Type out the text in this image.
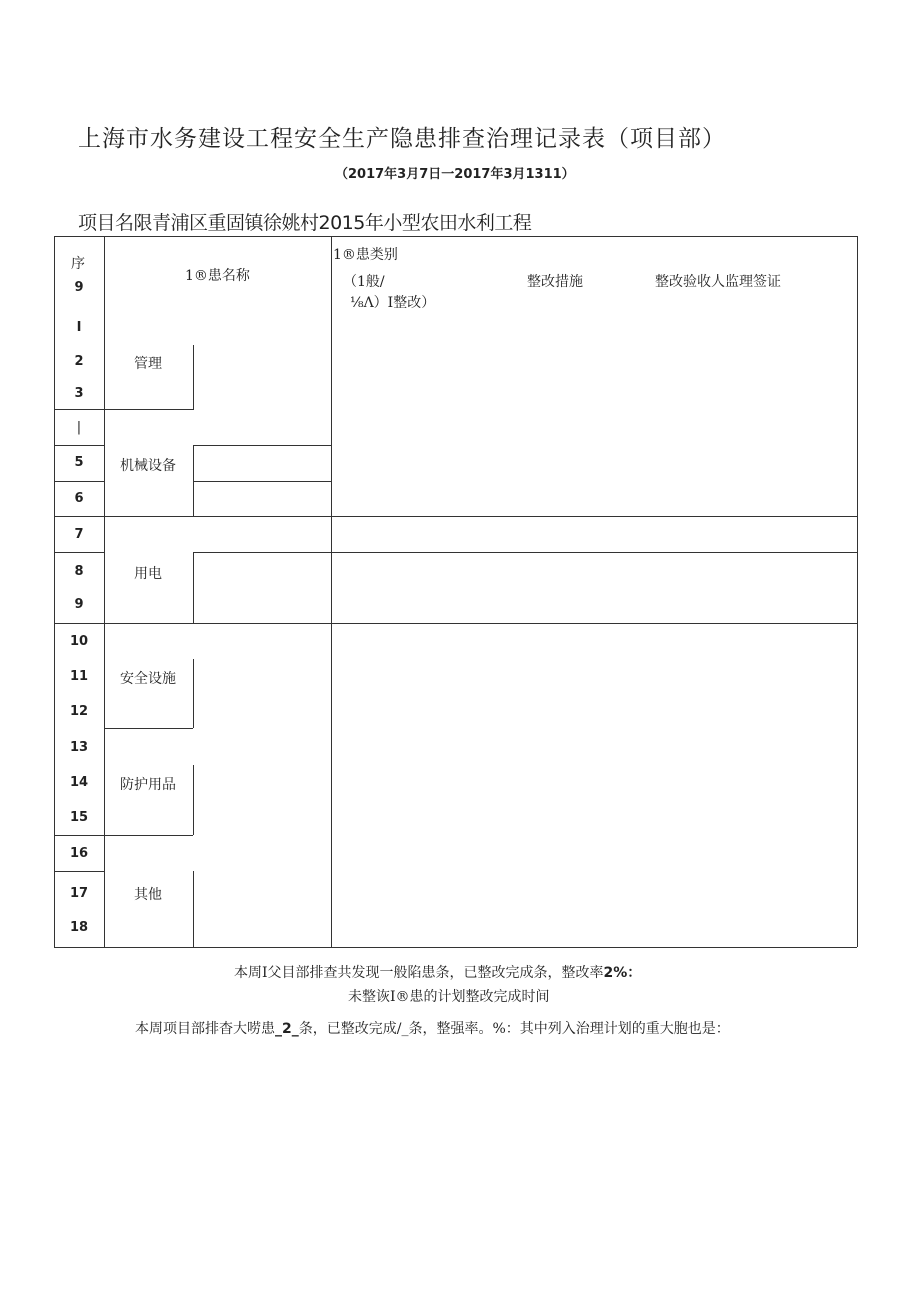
上海市水务建设工程安全生产隐患排查治理记录表（项目部）
（2017年3月7日一2017年3月1311）
项目名限青浦区重固镇徐姚村2015年小型农田水利工程
序
1®患名称
1®患类别
（1般/
⅛Λ）I整改）
整改措施	整改验收人监理签证
9
I
2
3
|
5
6
7
8
9
10
11
12
13
14
15
16
17
18
管理
机械设备
用电
安全设施
防护用品
其他
本周I父目部排查共发现一般陷患条，已整改完成条，整改率2%：
未整诙I®患的计划整改完成时间
本周项目部排杳大唠患_2_条，已整改完成/_条，整强率。%：其中列入治理计划的重大胞也是：
